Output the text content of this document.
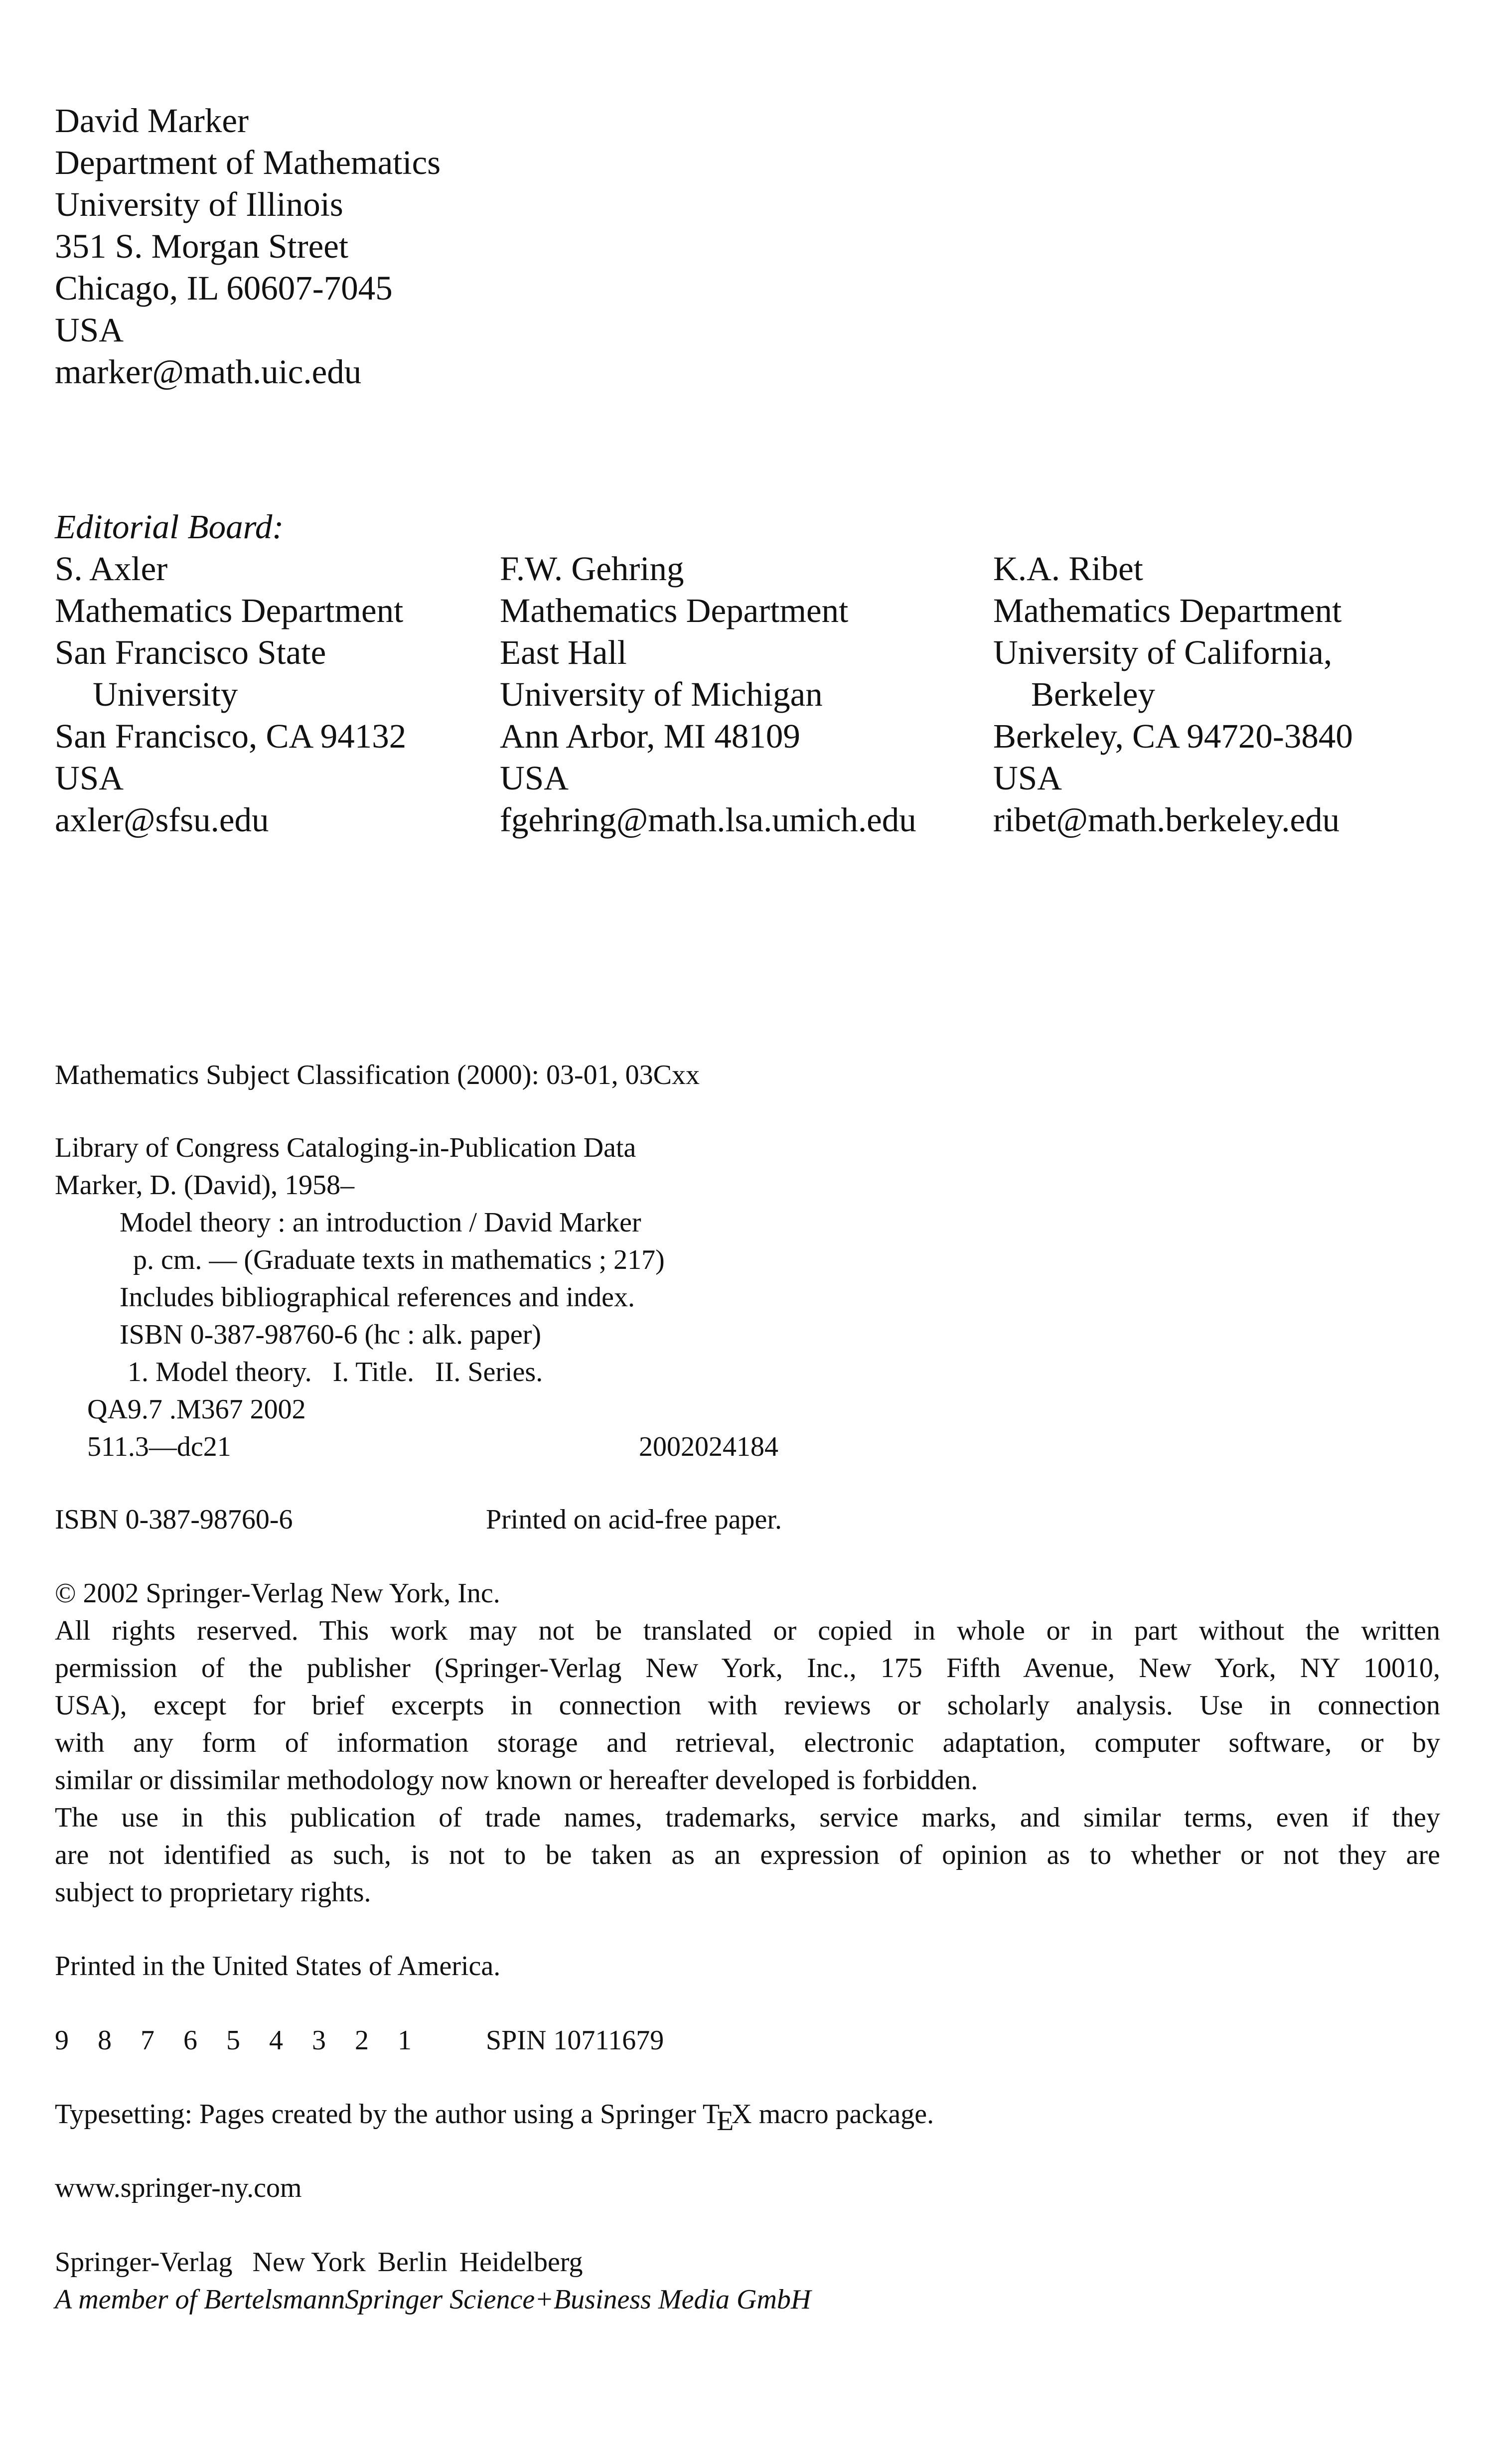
David Marker
Department of Mathematics
University of Illinois
351 S. Morgan Street
Chicago, IL 60607-7045
USA
marker@math.uic.edu
Editorial Board:
S. Axler
Mathematics Department
San Francisco State
University
San Francisco, CA 94132
USA
axler@sfsu.edu
F.W. Gehring
Mathematics Department
East Hall
University of Michigan
Ann Arbor, MI 48109
USA
fgehring@math.lsa.umich.edu
K.A. Ribet
Mathematics Department
University of California,
Berkeley
Berkeley, CA 94720-3840
USA
ribet@math.berkeley.edu
Mathematics Subject Classification (2000): 03-01, 03Cxx
Library of Congress Cataloging-in-Publication Data
Marker, D. (David), 1958–
Model theory : an introduction / David Marker
p. cm. — (Graduate texts in mathematics ; 217)
Includes bibliographical references and index.
ISBN 0-387-98760-6 (hc : alk. paper)
1. Model theory.   I. Title.   II. Series.
QA9.7 .M367 2002
511.3—dc21	2002024184
ISBN 0-387-98760-6	Printed on acid-free paper.
© 2002 Springer-Verlag New York, Inc.
All rights reserved. This work may not be translated or copied in whole or in part without the written
permission of the publisher (Springer-Verlag New York, Inc., 175 Fifth Avenue, New York, NY 10010,
USA), except for brief excerpts in connection with reviews or scholarly analysis. Use in connection
with any form of information storage and retrieval, electronic adaptation, computer software, or by
similar or dissimilar methodology now known or hereafter developed is forbidden.
The use in this publication of trade names, trademarks, service marks, and similar terms, even if they
are not identified as such, is not to be taken as an expression of opinion as to whether or not they are
subject to proprietary rights.
Printed in the United States of America.
9 8 7 6 5 4 3 2 1 SPIN 10711679
Typesetting: Pages created by the author using a Springer TEX macro package.
www.springer-ny.com
Springer-Verlag New York Berlin Heidelberg
A member of BertelsmannSpringer Science+Business Media GmbH
